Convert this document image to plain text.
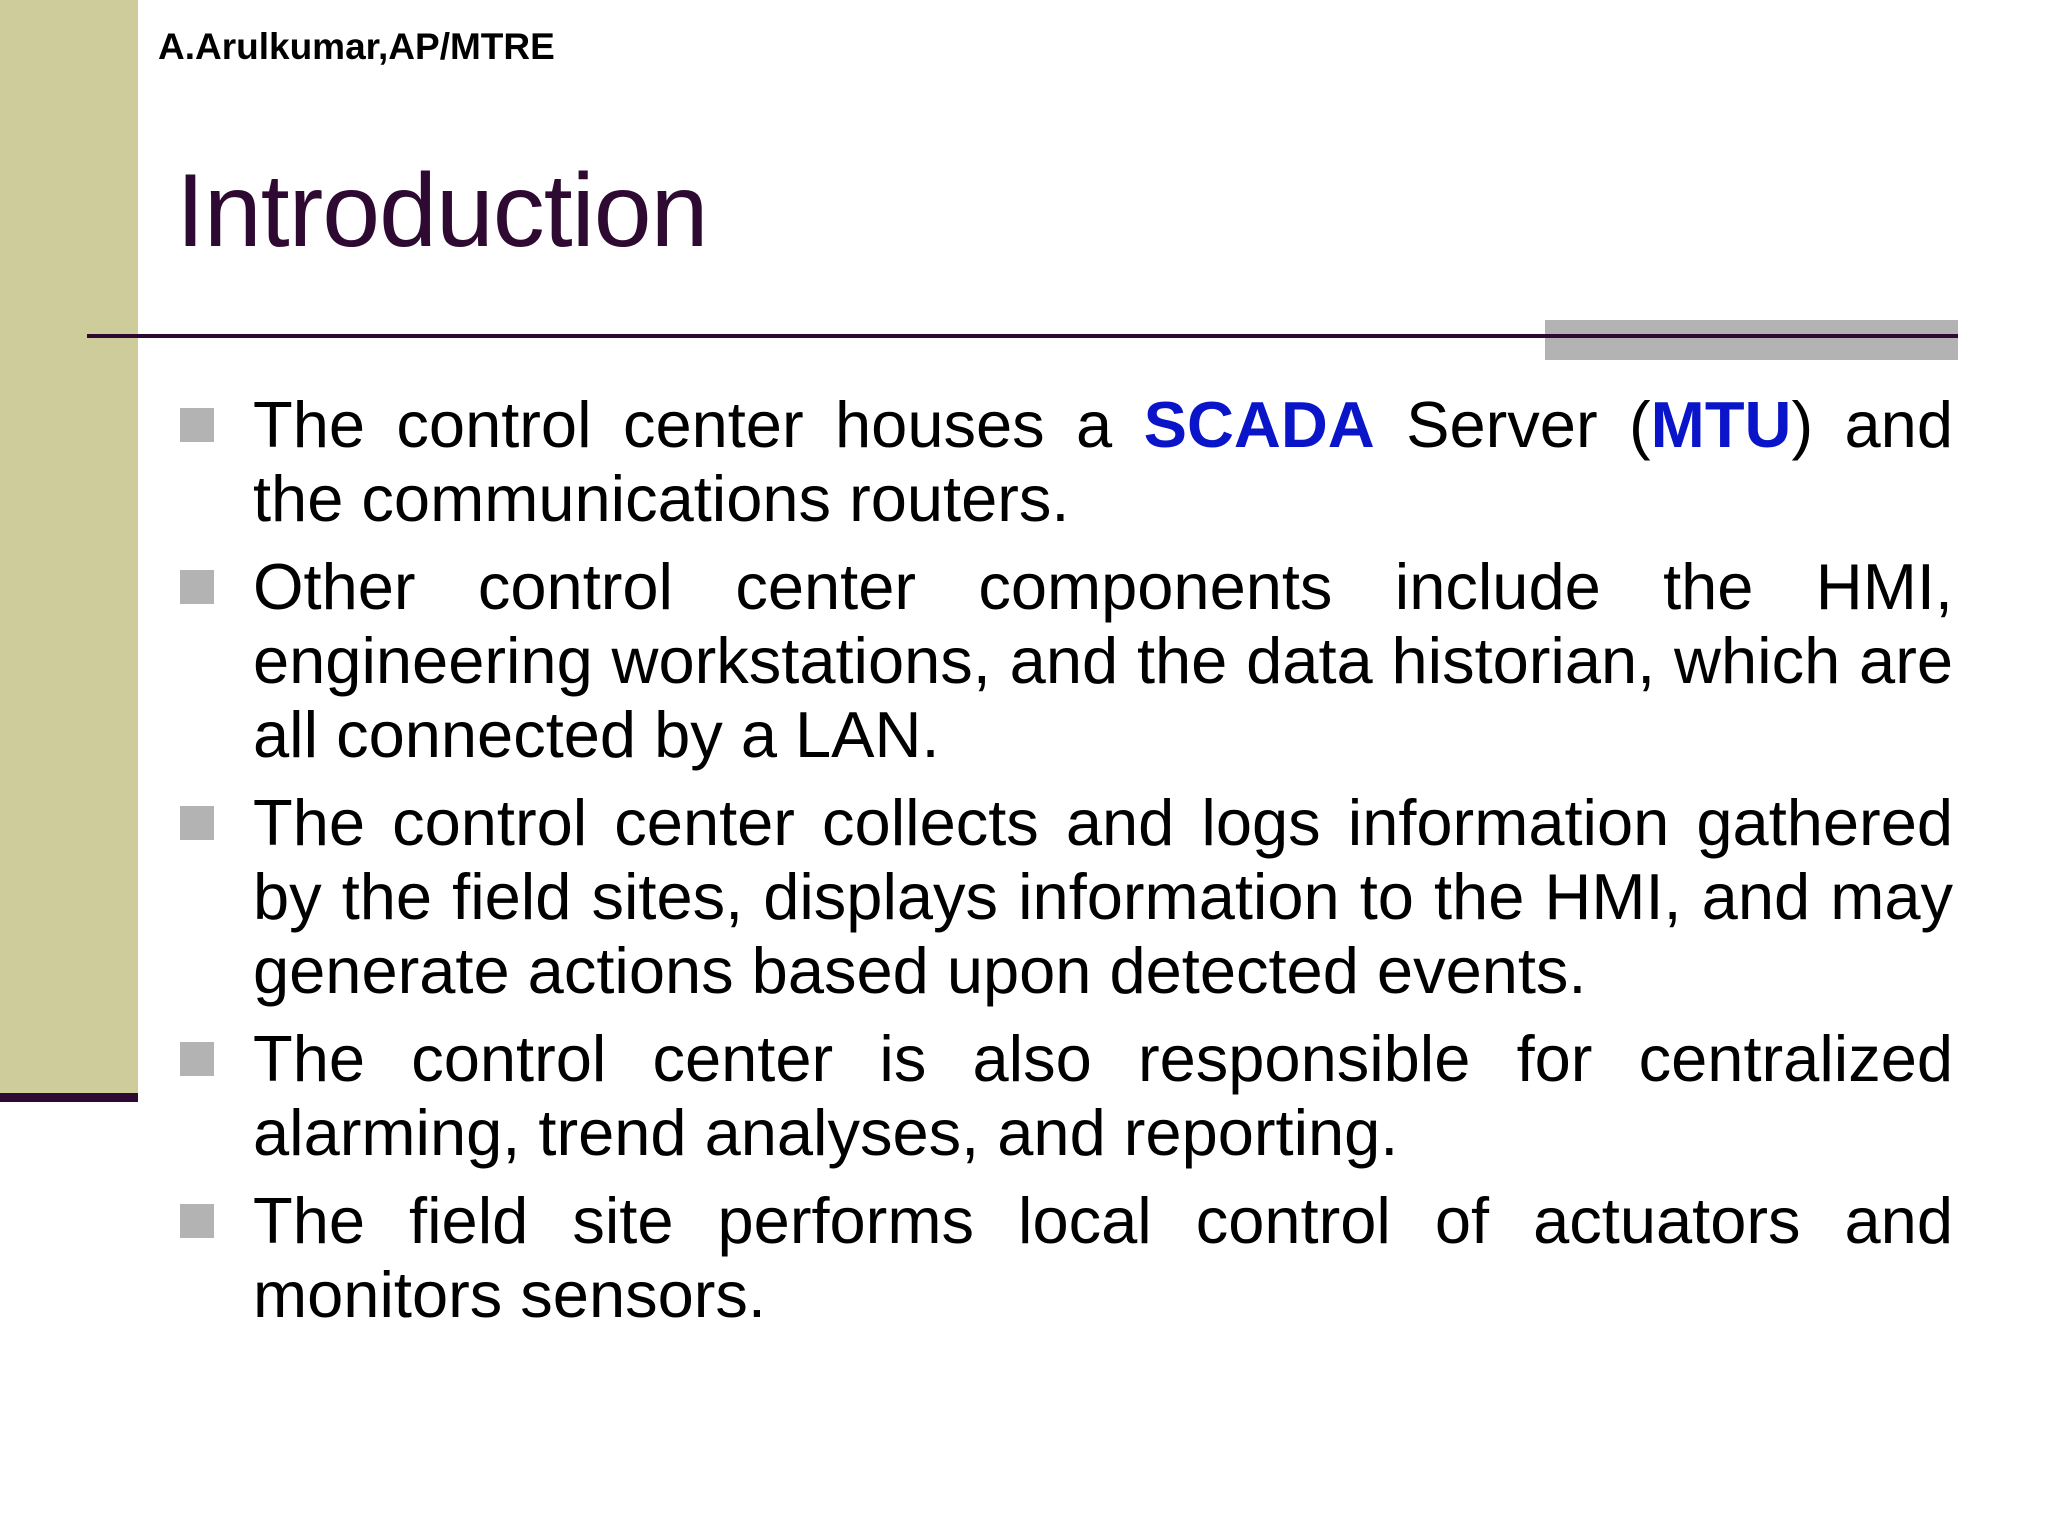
A.Arulkumar,AP/MTRE
Introduction
The control center houses a SCADA Server (MTU) and the communications routers.
Other control center components include the HMI, engineering workstations, and the data historian, which are all connected by a LAN.
The control center collects and logs information gathered by the field sites, displays information to the HMI, and may generate actions based upon detected events.
The control center is also responsible for centralized alarming, trend analyses, and reporting.
The field site performs local control of actuators and monitors sensors.
